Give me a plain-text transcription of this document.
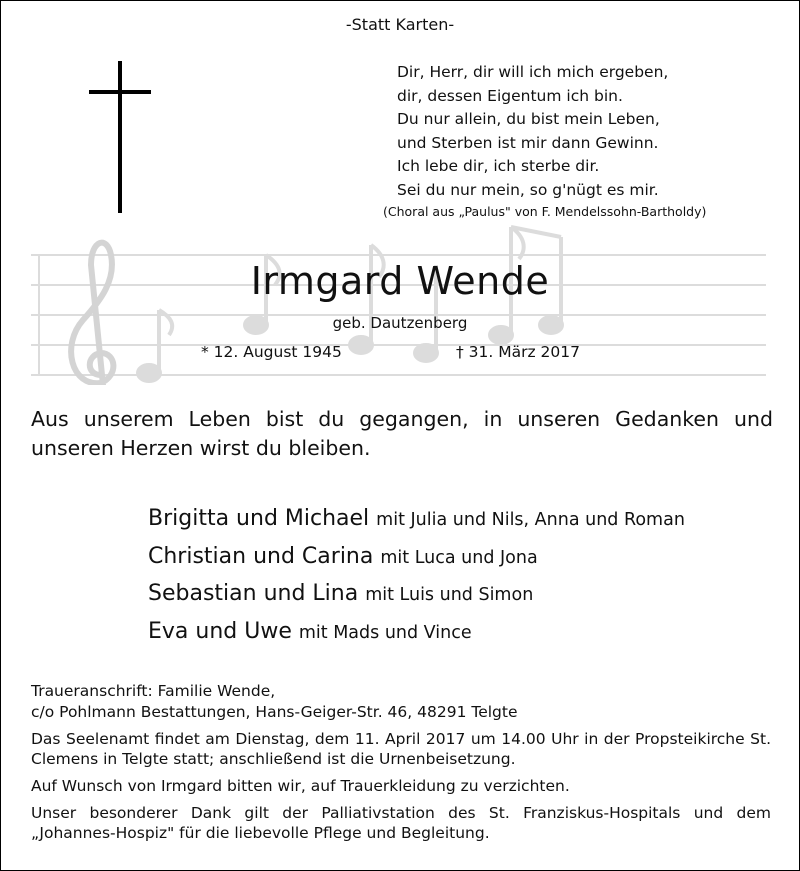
-Statt Karten-
Dir, Herr, dir will ich mich ergeben,
dir, dessen Eigentum ich bin.
Du nur allein, du bist mein Leben,
und Sterben ist mir dann Gewinn.
Ich lebe dir, ich sterbe dir.
Sei du nur mein, so g'nügt es mir.
(Choral aus „Paulus" von F. Mendelssohn-Bartholdy)
Irmgard Wende
geb. Dautzenberg
* 12. August 1945	† 31. März 2017
Aus unserem Leben bist du gegangen, in unseren Gedanken und unseren Herzen wirst du bleiben.
Brigitta und Michael mit Julia und Nils, Anna und Roman
Christian und Carina mit Luca und Jona
Sebastian und Lina mit Luis und Simon
Eva und Uwe mit Mads und Vince

Traueranschrift: Familie Wende,

c/o Pohlmann Bestattungen, Hans-Geiger-Str. 46, 48291 Telgte

Das Seelenamt findet am Dienstag, dem 11. April 2017 um 14.00 Uhr in der Propsteikirche St. Clemens in Telgte statt; anschließend ist die Urnenbeisetzung.

Auf Wunsch von Irmgard bitten wir, auf Trauerkleidung zu verzichten.

Unser besonderer Dank gilt der Palliativstation des St. Franziskus-Hospitals und dem „Johannes-Hospiz" für die liebevolle Pflege und Begleitung.
